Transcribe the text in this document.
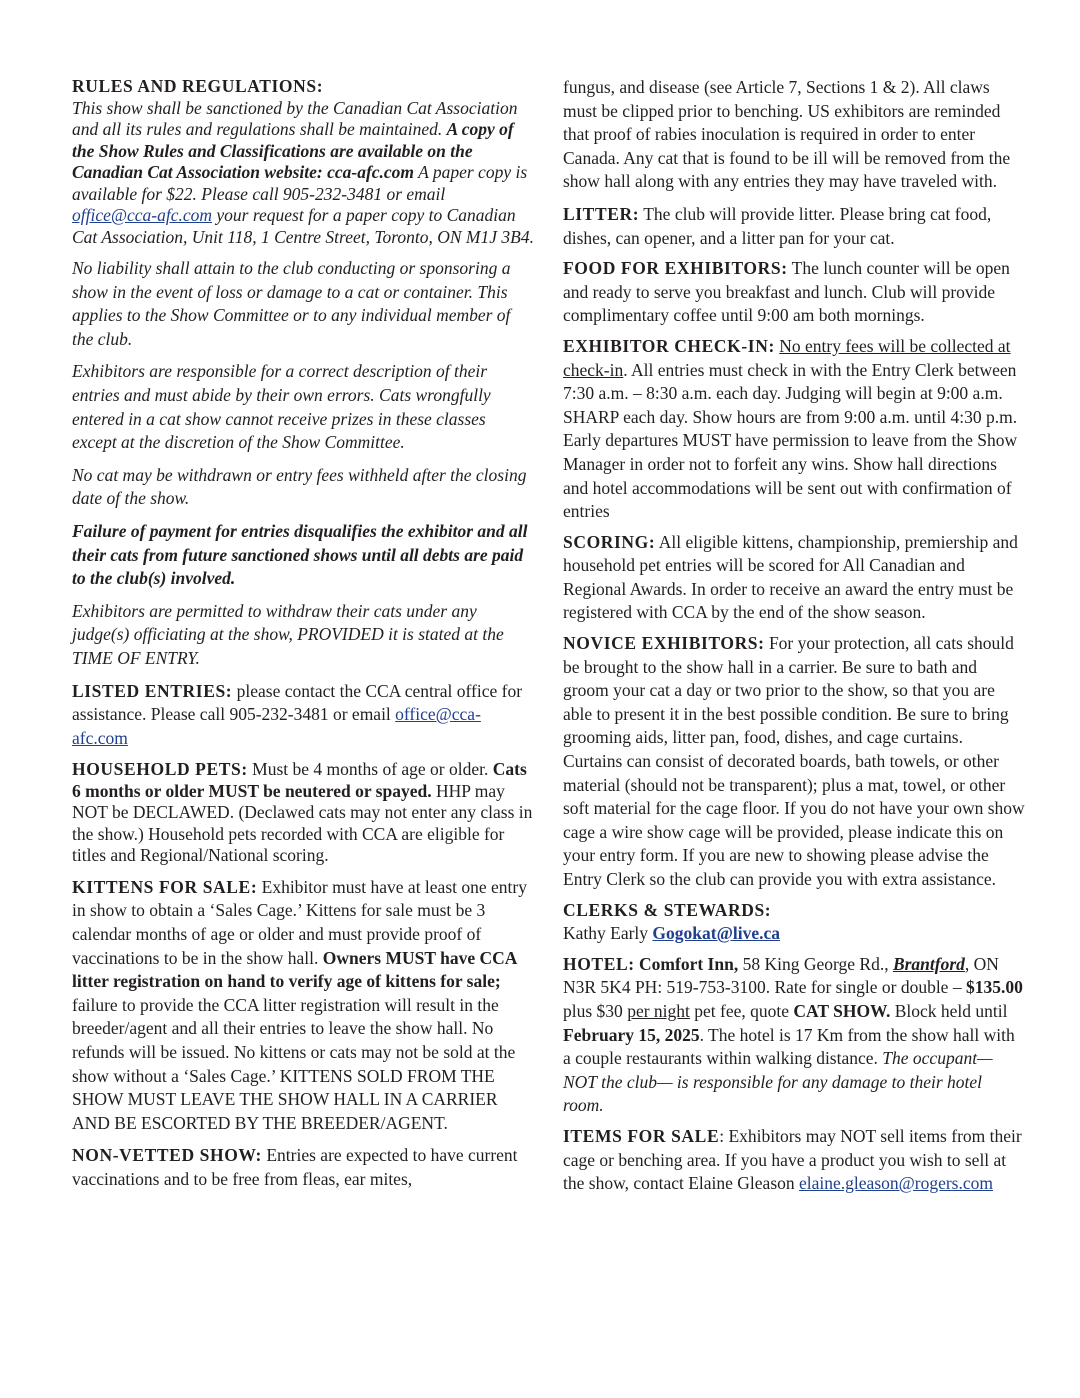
RULES AND REGULATIONS:
This show shall be sanctioned by the Canadian Cat Association and all its rules and regulations shall be maintained. A copy of the Show Rules and Classifications are available on the Canadian Cat Association website: cca-afc.com A paper copy is available for $22. Please call 905-232-3481 or email office@cca-afc.com your request for a paper copy to Canadian Cat Association, Unit 118, 1 Centre Street, Toronto, ON M1J 3B4.

No liability shall attain to the club conducting or sponsoring a show in the event of loss or damage to a cat or container. This applies to the Show Committee or to any individual member of the club.

Exhibitors are responsible for a correct description of their entries and must abide by their own errors. Cats wrongfully entered in a cat show cannot receive prizes in these classes except at the discretion of the Show Committee.

No cat may be withdrawn or entry fees withheld after the closing date of the show.

Failure of payment for entries disqualifies the exhibitor and all their cats from future sanctioned shows until all debts are paid to the club(s) involved.

Exhibitors are permitted to withdraw their cats under any judge(s) officiating at the show, PROVIDED it is stated at the TIME OF ENTRY.

LISTED ENTRIES: please contact the CCA central office for assistance. Please call 905-232-3481 or email office@cca-afc.com

HOUSEHOLD PETS: Must be 4 months of age or older. Cats 6 months or older MUST be neutered or spayed. HHP may NOT be DECLAWED. (Declawed cats may not enter any class in the show.) Household pets recorded with CCA are eligible for titles and Regional/National scoring.

KITTENS FOR SALE: Exhibitor must have at least one entry in show to obtain a ‘Sales Cage.’ Kittens for sale must be 3 calendar months of age or older and must provide proof of vaccinations to be in the show hall. Owners MUST have CCA litter registration on hand to verify age of kittens for sale; failure to provide the CCA litter registration will result in the breeder/agent and all their entries to leave the show hall. No refunds will be issued. No kittens or cats may not be sold at the show without a ‘Sales Cage.’ KITTENS SOLD FROM THE SHOW MUST LEAVE THE SHOW HALL IN A CARRIER AND BE ESCORTED BY THE BREEDER/AGENT.

NON-VETTED SHOW: Entries are expected to have current vaccinations and to be free from fleas, ear mites,

fungus, and disease (see Article 7, Sections 1 & 2). All claws must be clipped prior to benching. US exhibitors are reminded that proof of rabies inoculation is required in order to enter Canada. Any cat that is found to be ill will be removed from the show hall along with any entries they may have traveled with.

LITTER: The club will provide litter. Please bring cat food, dishes, can opener, and a litter pan for your cat.

FOOD FOR EXHIBITORS: The lunch counter will be open and ready to serve you breakfast and lunch. Club will provide complimentary coffee until 9:00 am both mornings.

EXHIBITOR CHECK-IN: No entry fees will be collected at check-in. All entries must check in with the Entry Clerk between 7:30 a.m. – 8:30 a.m. each day. Judging will begin at 9:00 a.m. SHARP each day. Show hours are from 9:00 a.m. until 4:30 p.m. Early departures MUST have permission to leave from the Show Manager in order not to forfeit any wins. Show hall directions and hotel accommodations will be sent out with confirmation of entries

SCORING: All eligible kittens, championship, premiership and household pet entries will be scored for All Canadian and Regional Awards. In order to receive an award the entry must be registered with CCA by the end of the show season.

NOVICE EXHIBITORS: For your protection, all cats should be brought to the show hall in a carrier. Be sure to bath and groom your cat a day or two prior to the show, so that you are able to present it in the best possible condition. Be sure to bring grooming aids, litter pan, food, dishes, and cage curtains. Curtains can consist of decorated boards, bath towels, or other material (should not be transparent); plus a mat, towel, or other soft material for the cage floor. If you do not have your own show cage a wire show cage will be provided, please indicate this on your entry form. If you are new to showing please advise the Entry Clerk so the club can provide you with extra assistance.

CLERKS & STEWARDS:
Kathy Early Gogokat@live.ca

HOTEL: Comfort Inn, 58 King George Rd., Brantford, ON N3R 5K4 PH: 519-753-3100. Rate for single or double – $135.00 plus $30 per night pet fee, quote CAT SHOW. Block held until February 15, 2025. The hotel is 17 Km from the show hall with a couple restaurants within walking distance. The occupant—NOT the club— is responsible for any damage to their hotel room.

ITEMS FOR SALE: Exhibitors may NOT sell items from their cage or benching area. If you have a product you wish to sell at the show, contact Elaine Gleason elaine.gleason@rogers.com
